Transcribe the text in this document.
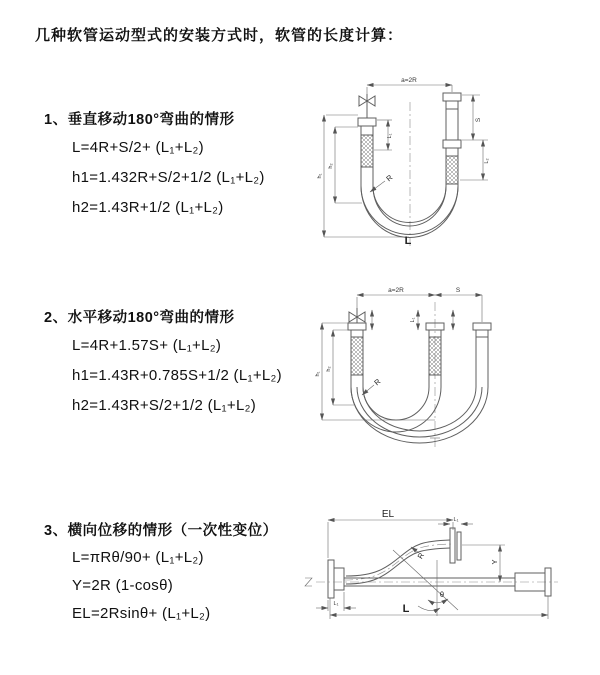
几种软管运动型式的安装方式时，软管的长度计算：
1、垂直移动180°弯曲的情形
L=4R+S/2+ (L₁+L₂)
h1=1.432R+S/2+1/2 (L₁+L₂)
h2=1.43R+1/2 (L₁+L₂)
2、水平移动180°弯曲的情形
L=4R+1.57S+ (L₁+L₂)
h1=1.43R+0.785S+1/2 (L₁+L₂)
h2=1.43R+S/2+1/2 (L₁+L₂)
3、横向位移的情形（一次性变位）
L=πRθ/90+ (L₁+L₂)
Y=2R (1-cosθ)
EL=2Rsinθ+ (L₁+L₂)
a=2R
L₁
h₁
h₂
S
L₂
R
L
a=2R	S
L₁
h₁
h₂
R
EL	L₁
Y
θ
R
L₁	L
